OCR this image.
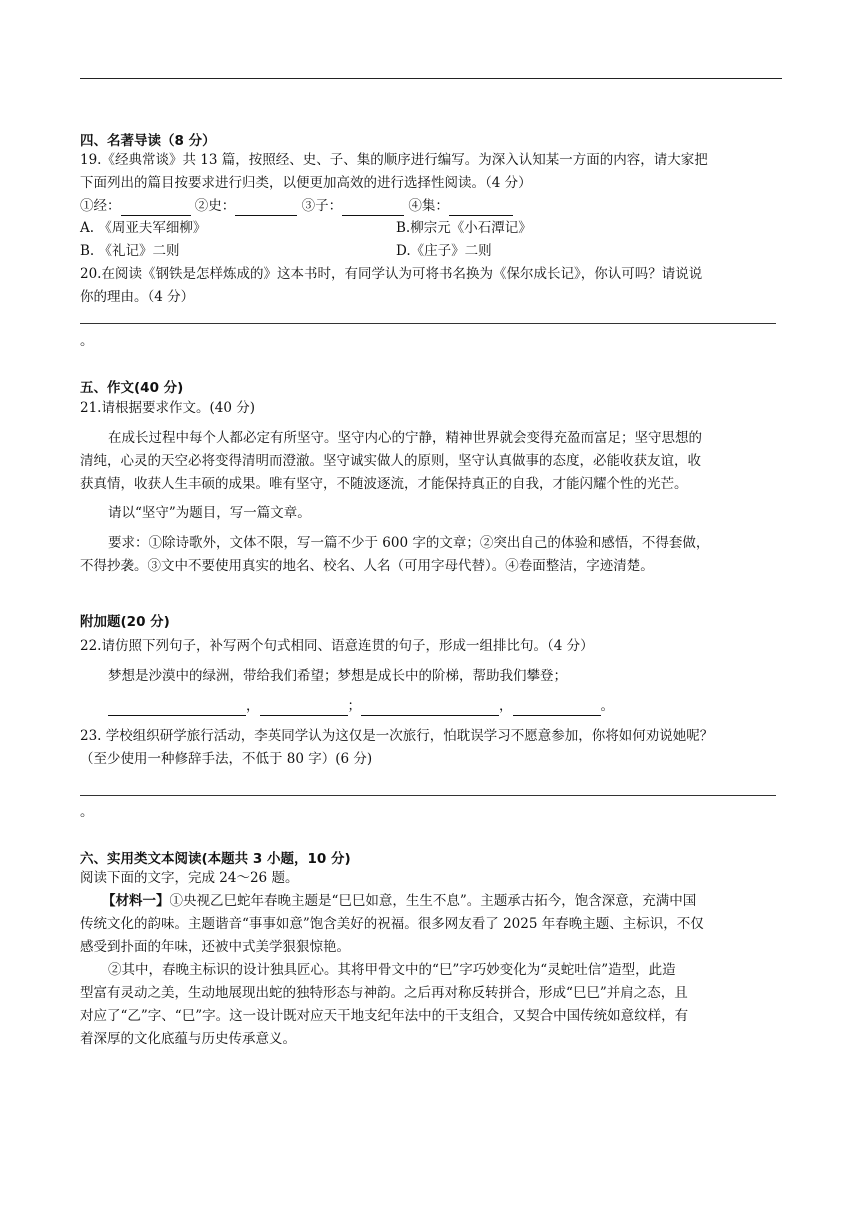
四、名著导读（8 分）
19.《经典常谈》共 13 篇，按照经、史、子、集的顺序进行编写。为深入认知某一方面的内容，请大家把
下面列出的篇目按要求进行归类，以便更加高效的进行选择性阅读。（4 分）
①经：	②史：	③子：	④集：
A. 《周亚夫军细柳》	B.柳宗元《小石潭记》
B. 《礼记》二则	D.《庄子》二则
20.在阅读《钢铁是怎样炼成的》这本书时，有同学认为可将书名换为《保尔成长记》，你认可吗？请说说
你的理由。（4 分）
。
五、作文(40 分)
21.请根据要求作文。(40 分)
在成长过程中每个人都必定有所坚守。坚守内心的宁静，精神世界就会变得充盈而富足；坚守思想的
清纯，心灵的天空必将变得清明而澄澈。坚守诚实做人的原则，坚守认真做事的态度，必能收获友谊，收
获真情，收获人生丰硕的成果。唯有坚守，不随波逐流，才能保持真正的自我，才能闪耀个性的光芒。
请以“坚守”为题目，写一篇文章。
要求：①除诗歌外，文体不限，写一篇不少于 600 字的文章；②突出自己的体验和感悟，不得套做，
不得抄袭。③文中不要使用真实的地名、校名、人名（可用字母代替）。④卷面整洁，字迹清楚。
附加题(20 分)
22.请仿照下列句子，补写两个句式相同、语意连贯的句子，形成一组排比句。（4 分）
梦想是沙漠中的绿洲，带给我们希望；梦想是成长中的阶梯，帮助我们攀登；
，	；	，	。
23. 学校组织研学旅行活动，李英同学认为这仅是一次旅行，怕耽误学习不愿意参加，你将如何劝说她呢？
（至少使用一种修辞手法，不低于 80 字）(6 分)
。
六、实用类文本阅读(本题共 3 小题，10 分)
阅读下面的文字，完成 24～26 题。
【材料一】①央视乙巳蛇年春晚主题是“巳巳如意，生生不息”。主题承古拓今，饱含深意，充满中国
传统文化的韵味。主题谐音“事事如意”饱含美好的祝福。很多网友看了 2025 年春晚主题、主标识，不仅
感受到扑面的年味，还被中式美学狠狠惊艳。
②其中，春晚主标识的设计独具匠心。其将甲骨文中的“巳”字巧妙变化为“灵蛇吐信”造型，此造
型富有灵动之美，生动地展现出蛇的独特形态与神韵。之后再对称反转拼合，形成“巳巳”并肩之态，且
对应了“乙”字、“巳”字。这一设计既对应天干地支纪年法中的干支组合，又契合中国传统如意纹样，有
着深厚的文化底蕴与历史传承意义。
